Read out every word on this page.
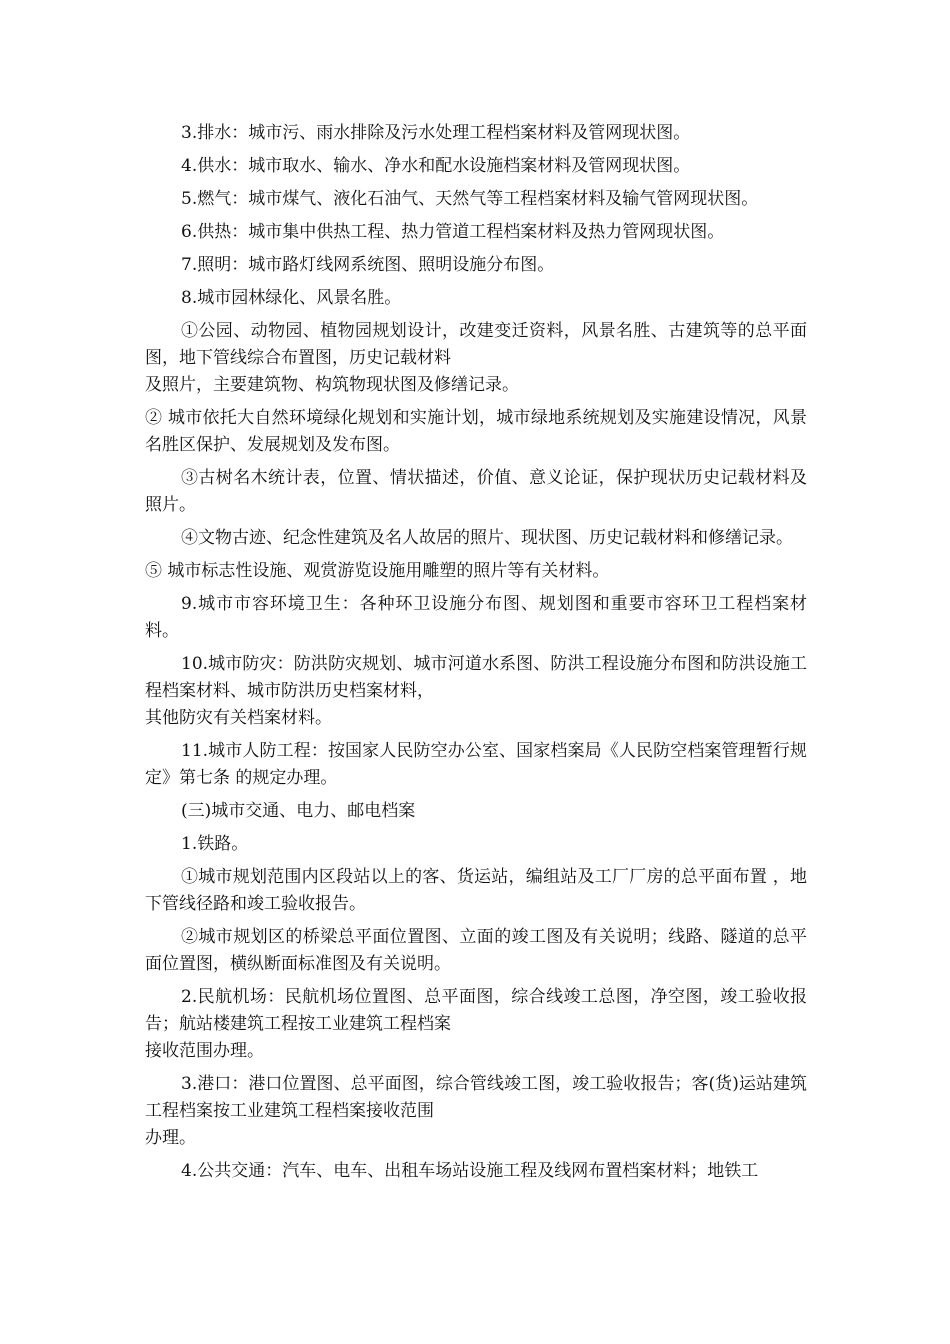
3.排水：城市污、雨水排除及污水处理工程档案材料及管网现状图。

4.供水：城市取水、输水、净水和配水设施档案材料及管网现状图。

5.燃气：城市煤气、液化石油气、天然气等工程档案材料及输气管网现状图。

6.供热：城市集中供热工程、热力管道工程档案材料及热力管网现状图。

7.照明：城市路灯线网系统图、照明设施分布图。

8.城市园林绿化、风景名胜。

①公园、动物园、植物园规划设计，改建变迁资料，风景名胜、古建筑等的总平面图，地下管线综合布置图，历史记载材料
及照片，主要建筑物、构筑物现状图及修缮记录。

② 城市依托大自然环境绿化规划和实施计划，城市绿地系统规划及实施建设情况，风景名胜区保护、发展规划及发布图。

③古树名木统计表，位置、情状描述，价值、意义论证，保护现状历史记载材料及照片。

④文物古迹、纪念性建筑及名人故居的照片、现状图、历史记载材料和修缮记录。

⑤ 城市标志性设施、观赏游览设施用雕塑的照片等有关材料。

9.城市市容环境卫生：各种环卫设施分布图、规划图和重要市容环卫工程档案材料。

10.城市防灾：防洪防灾规划、城市河道水系图、防洪工程设施分布图和防洪设施工程档案材料、城市防洪历史档案材料，
其他防灾有关档案材料。

11.城市人防工程：按国家人民防空办公室、国家档案局《人民防空档案管理暂行规定》第七条 的规定办理。

(三)城市交通、电力、邮电档案

1.铁路。

①城市规划范围内区段站以上的客、货运站，编组站及工厂厂房的总平面布置 ，地下管线径路和竣工验收报告。

②城市规划区的桥梁总平面位置图、立面的竣工图及有关说明；线路、隧道的总平面位置图，横纵断面标准图及有关说明。

2.民航机场：民航机场位置图、总平面图，综合线竣工总图，净空图，竣工验收报告；航站楼建筑工程按工业建筑工程档案
接收范围办理。

3.港口：港口位置图、总平面图，综合管线竣工图，竣工验收报告；客(货)运站建筑工程档案按工业建筑工程档案接收范围
办理。

4.公共交通：汽车、电车、出租车场站设施工程及线网布置档案材料；地铁工
